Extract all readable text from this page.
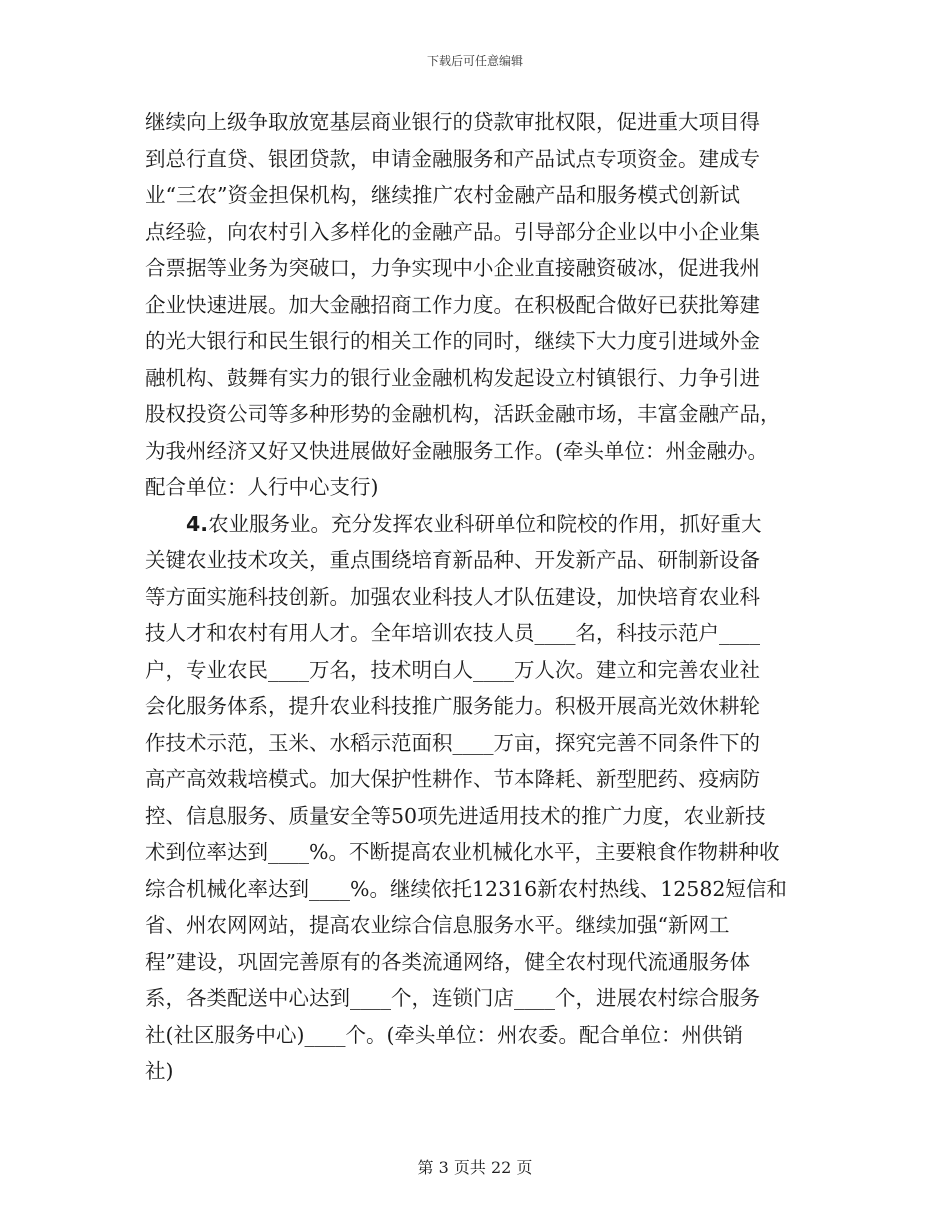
下载后可任意编辑
继续向上级争取放宽基层商业银行的贷款审批权限，促进重大项目得
到总行直贷、银团贷款，申请金融服务和产品试点专项资金。建成专
业“三农”资金担保机构，继续推广农村金融产品和服务模式创新试
点经验，向农村引入多样化的金融产品。引导部分企业以中小企业集
合票据等业务为突破口，力争实现中小企业直接融资破冰，促进我州
企业快速进展。加大金融招商工作力度。在积极配合做好已获批筹建
的光大银行和民生银行的相关工作的同时，继续下大力度引进域外金
融机构、鼓舞有实力的银行业金融机构发起设立村镇银行、力争引进
股权投资公司等多种形势的金融机构，活跃金融市场，丰富金融产品，
为我州经济又好又快进展做好金融服务工作。(牵头单位：州金融办。
配合单位：人行中心支行)
4.农业服务业。充分发挥农业科研单位和院校的作用，抓好重大
关键农业技术攻关，重点围绕培育新品种、开发新产品、研制新设备
等方面实施科技创新。加强农业科技人才队伍建设，加快培育农业科
技人才和农村有用人才。全年培训农技人员____名，科技示范户____
户，专业农民____万名，技术明白人____万人次。建立和完善农业社
会化服务体系，提升农业科技推广服务能力。积极开展高光效休耕轮
作技术示范，玉米、水稻示范面积____万亩，探究完善不同条件下的
高产高效栽培模式。加大保护性耕作、节本降耗、新型肥药、疫病防
控、信息服务、质量安全等50项先进适用技术的推广力度，农业新技
术到位率达到____%。不断提高农业机械化水平，主要粮食作物耕种收
综合机械化率达到____%。继续依托12316新农村热线、12582短信和
省、州农网网站，提高农业综合信息服务水平。继续加强“新网工
程”建设，巩固完善原有的各类流通网络，健全农村现代流通服务体
系，各类配送中心达到____个，连锁门店____个，进展农村综合服务
社(社区服务中心)____个。(牵头单位：州农委。配合单位：州供销
社)
第 3 页共 22 页
